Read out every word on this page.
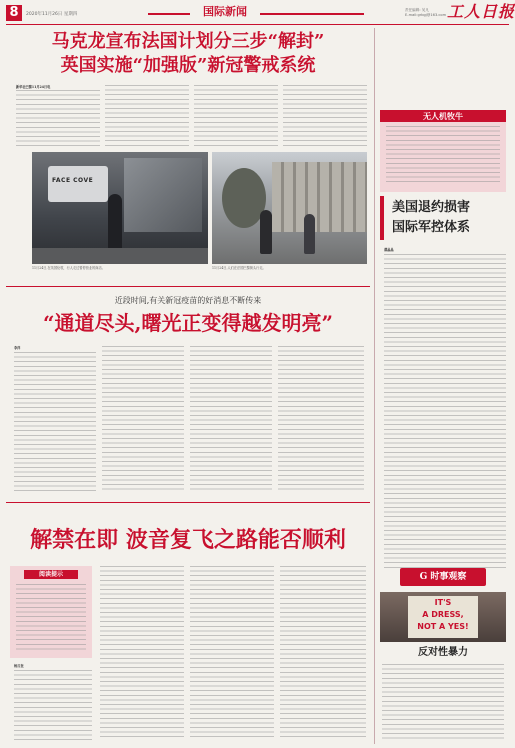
8	2020年11月26日 星期四	国际新闻	责任编辑: 吴凡
E-mail:grbgj@163.com 工人日报
马克龙宣布法国计划分三步“解封”
英国实施“加强版”新冠警戒系统
新华社巴黎11月24日电
FACE COVE
11月24日,在英国伦敦，行人走过暂停营业的商店。	11月24日,人们在法国巴黎街头行走。
近段时间,有关新冠疫苗的好消息不断传来
“通道尽头,曙光正变得越发明亮”
李洋
解禁在即 波音复飞之路能否顺利
阅读提示
杨召奎
无人机牧牛
美国退约损害
国际军控体系
谭晶晶
G 时事观察
IT'S
A DRESS,
NOT A YES!
反对性暴力
